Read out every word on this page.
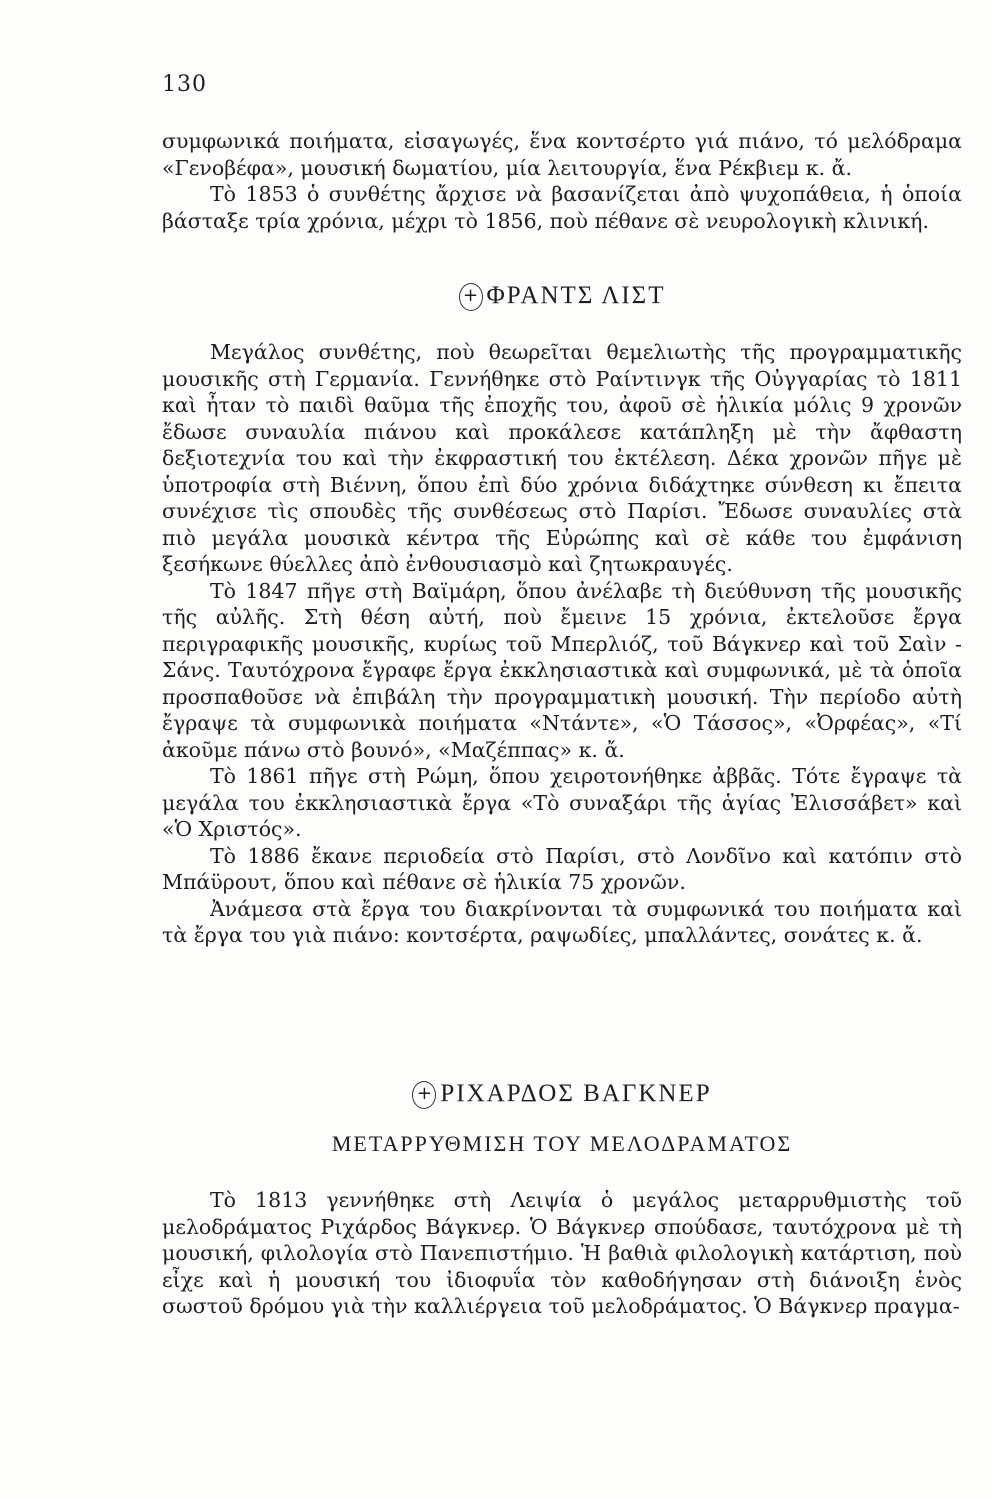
130

συμφωνικά ποιήματα, εἰσαγωγές, ἕνα κοντσέρτο γιά πιάνο, τό μελόδραμα «Γενοβέφα», μουσική δωματίου, μία λειτουργία, ἕνα Ρέκβιεμ κ. ἄ.

Τὸ 1853 ὁ συνθέτης ἄρχισε νὰ βασανίζεται ἀπὸ ψυχοπάθεια, ἡ ὁποία βάσταξε τρία χρόνια, μέχρι τὸ 1856, ποὺ πέθανε σὲ νευρολογικὴ κλινική.

+ ΦΡΑΝΤΣ ΛΙΣΤ

Μεγάλος συνθέτης, ποὺ θεωρεῖται θεμελιωτὴς τῆς προγραμματικῆς μουσικῆς στὴ Γερμανία. Γεννήθηκε στὸ Ραίντινγκ τῆς Οὐγγαρίας τὸ 1811 καὶ ἦταν τὸ παιδὶ θαῦμα τῆς ἐποχῆς του, ἀφοῦ σὲ ἡλικία μόλις 9 χρονῶν ἔδωσε συναυλία πιάνου καὶ προκάλεσε κατάπληξη μὲ τὴν ἄφθαστη δεξιοτεχνία του καὶ τὴν ἐκφραστική του ἐκτέλεση. Δέκα χρονῶν πῆγε μὲ ὑποτροφία στὴ Βιέννη, ὅπου ἐπὶ δύο χρόνια διδάχτηκε σύνθεση κι ἔπειτα συνέχισε τὶς σπουδὲς τῆς συνθέσεως στὸ Παρίσι. Ἔδωσε συναυλίες στὰ πιὸ μεγάλα μουσικὰ κέντρα τῆς Εὐρώπης καὶ σὲ κάθε του ἐμφάνιση ξεσήκωνε θύελλες ἀπὸ ἐνθουσιασμὸ καὶ ζητωκραυγές.

Τὸ 1847 πῆγε στὴ Βαϊμάρη, ὅπου ἀνέλαβε τὴ διεύθυνση τῆς μουσικῆς τῆς αὐλῆς. Στὴ θέση αὐτή, ποὺ ἔμεινε 15 χρόνια, ἐκτελοῦσε ἔργα περιγραφικῆς μουσικῆς, κυρίως τοῦ Μπερλιόζ, τοῦ Βάγκνερ καὶ τοῦ Σαὶν - Σάνς. Ταυτόχρονα ἔγραφε ἔργα ἐκκλησιαστικὰ καὶ συμφωνικά, μὲ τὰ ὁποῖα προσπαθοῦσε νὰ ἐπιβάλη τὴν προγραμματικὴ μουσική. Τὴν περίοδο αὐτὴ ἔγραψε τὰ συμφωνικὰ ποιήματα «Ντάντε», «Ὁ Τάσσος», «Ὀρφέας», «Τί ἀκοῦμε πάνω στὸ βουνό», «Μαζέππας» κ. ἄ.

Τὸ 1861 πῆγε στὴ Ρώμη, ὅπου χειροτονήθηκε ἀββᾶς. Τότε ἔγραψε τὰ μεγάλα του ἐκκλησιαστικὰ ἔργα «Τὸ συναξάρι τῆς ἁγίας Ἐλισσάβετ» καὶ «Ὁ Χριστός».

Τὸ 1886 ἔκανε περιοδεία στὸ Παρίσι, στὸ Λονδῖνο καὶ κατόπιν στὸ Μπάϋρουτ, ὅπου καὶ πέθανε σὲ ἡλικία 75 χρονῶν.

Ἀνάμεσα στὰ ἔργα του διακρίνονται τὰ συμφωνικά του ποιήματα καὶ τὰ ἔργα του γιὰ πιάνο: κοντσέρτα, ραψωδίες, μπαλλάντες, σονάτες κ. ἄ.

+ ΡΙΧΑΡΔΟΣ ΒΑΓΚΝΕΡ
ΜΕΤΑΡΡΥΘΜΙΣΗ ΤΟΥ ΜΕΛΟΔΡΑΜΑΤΟΣ

Τὸ 1813 γεννήθηκε στὴ Λειψία ὁ μεγάλος μεταρρυθμιστὴς τοῦ μελοδράματος Ριχάρδος Βάγκνερ. Ὁ Βάγκνερ σπούδασε, ταυτόχρονα μὲ τὴ μουσική, φιλολογία στὸ Πανεπιστήμιο. Ἡ βαθιὰ φιλολογικὴ κατάρτιση, ποὺ εἶχε καὶ ἡ μουσική του ἰδιοφυΐα τὸν καθοδήγησαν στὴ διάνοιξη ἑνὸς σωστοῦ δρόμου γιὰ τὴν καλλιέργεια τοῦ μελοδράματος. Ὁ Βάγκνερ πραγμα-
